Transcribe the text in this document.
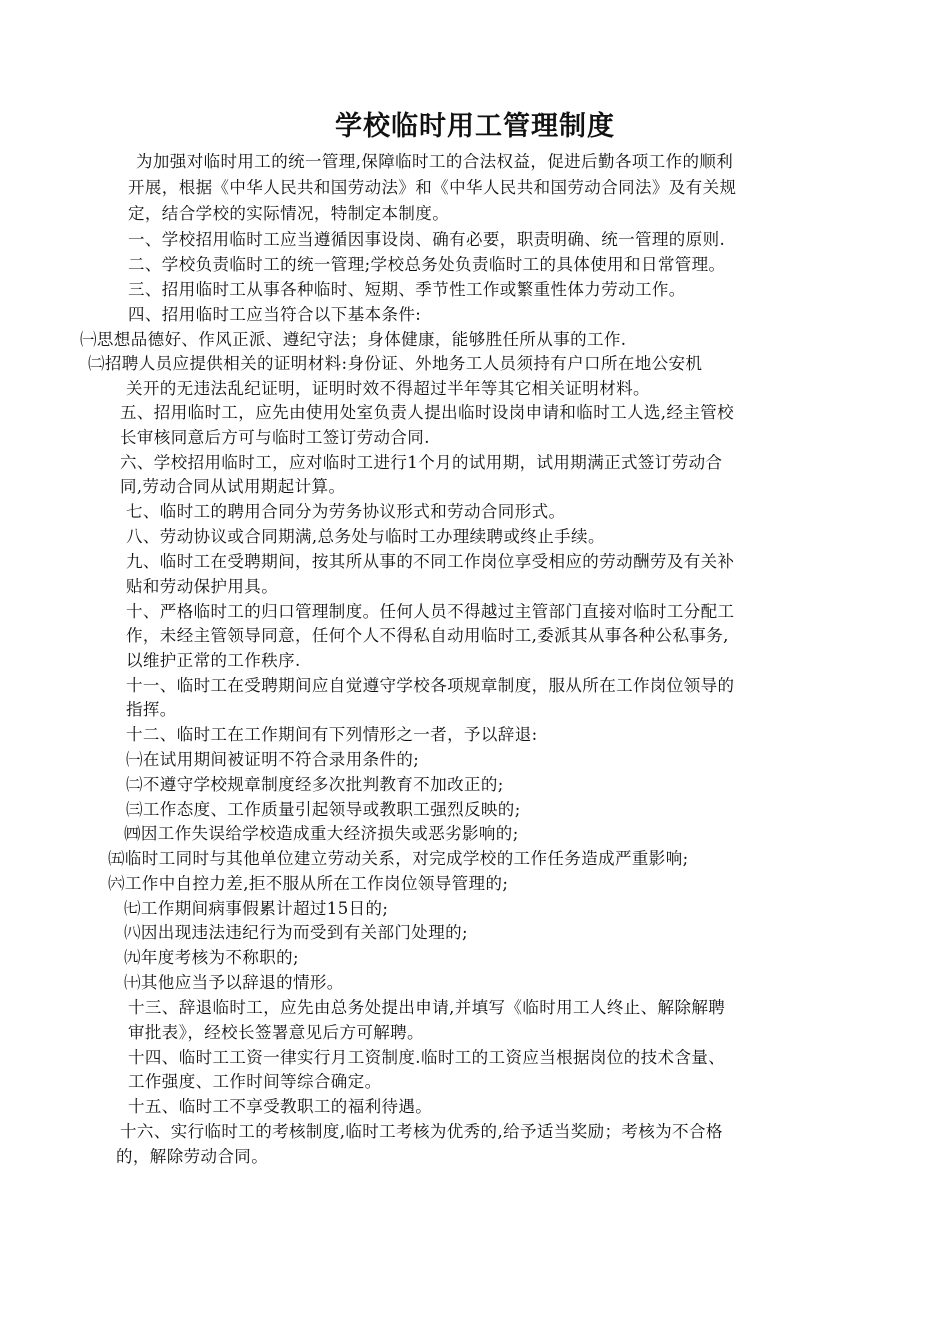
学校临时用工管理制度
为加强对临时用工的统一管理,保障临时工的合法权益，促进后勤各项工作的顺利
开展，根据《中华人民共和国劳动法》和《中华人民共和国劳动合同法》及有关规
定，结合学校的实际情况，特制定本制度。
一、学校招用临时工应当遵循因事设岗、确有必要，职责明确、统一管理的原则.
二、学校负责临时工的统一管理;学校总务处负责临时工的具体使用和日常管理。
三、招用临时工从事各种临时、短期、季节性工作或繁重性体力劳动工作。
四、招用临时工应当符合以下基本条件:
㈠思想品德好、作风正派、遵纪守法；身体健康，能够胜任所从事的工作.
㈡招聘人员应提供相关的证明材料:身份证、外地务工人员须持有户口所在地公安机
关开的无违法乱纪证明，证明时效不得超过半年等其它相关证明材料。
五、招用临时工，应先由使用处室负责人提出临时设岗申请和临时工人选,经主管校
长审核同意后方可与临时工签订劳动合同.
六、学校招用临时工，应对临时工进行1个月的试用期，试用期满正式签订劳动合
同,劳动合同从试用期起计算。
七、临时工的聘用合同分为劳务协议形式和劳动合同形式。
八、劳动协议或合同期满,总务处与临时工办理续聘或终止手续。
九、临时工在受聘期间，按其所从事的不同工作岗位享受相应的劳动酬劳及有关补
贴和劳动保护用具。
十、严格临时工的归口管理制度。任何人员不得越过主管部门直接对临时工分配工
作，未经主管领导同意，任何个人不得私自动用临时工,委派其从事各种公私事务,
以维护正常的工作秩序.
十一、临时工在受聘期间应自觉遵守学校各项规章制度，服从所在工作岗位领导的
指挥。
十二、临时工在工作期间有下列情形之一者，予以辞退:
㈠在试用期间被证明不符合录用条件的;
㈡不遵守学校规章制度经多次批判教育不加改正的;
㈢工作态度、工作质量引起领导或教职工强烈反映的;
㈣因工作失误给学校造成重大经济损失或恶劣影响的;
㈤临时工同时与其他单位建立劳动关系，对完成学校的工作任务造成严重影响;
㈥工作中自控力差,拒不服从所在工作岗位领导管理的;
㈦工作期间病事假累计超过15日的;
㈧因出现违法违纪行为而受到有关部门处理的;
㈨年度考核为不称职的;
㈩其他应当予以辞退的情形。
十三、辞退临时工，应先由总务处提出申请,并填写《临时用工人终止、解除解聘
审批表》，经校长签署意见后方可解聘。
十四、临时工工资一律实行月工资制度.临时工的工资应当根据岗位的技术含量、
工作强度、工作时间等综合确定。
十五、临时工不享受教职工的福利待遇。
十六、实行临时工的考核制度,临时工考核为优秀的,给予适当奖励；考核为不合格
的，解除劳动合同。
